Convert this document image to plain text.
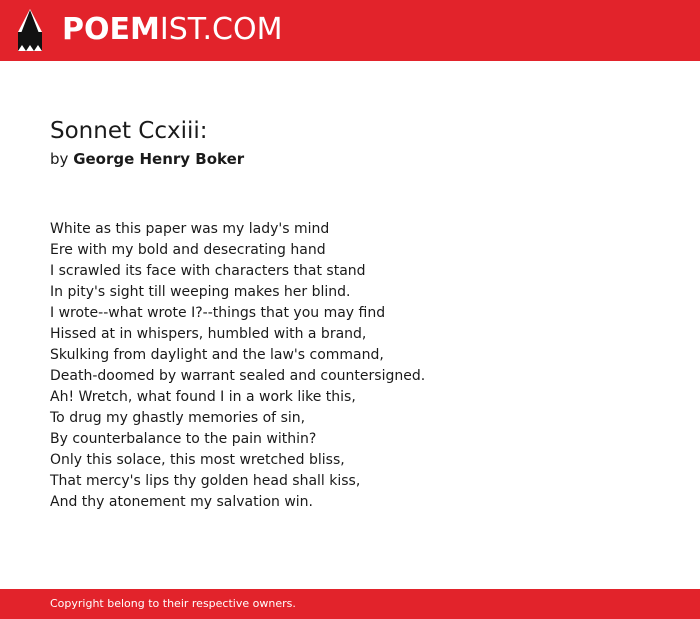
POEMIST.COM
Sonnet Ccxiii:
by George Henry Boker
White as this paper was my lady's mind
Ere with my bold and desecrating hand
I scrawled its face with characters that stand
In pity's sight till weeping makes her blind.
I wrote--what wrote I?--things that you may find
Hissed at in whispers, humbled with a brand,
Skulking from daylight and the law's command,
Death-doomed by warrant sealed and countersigned.
Ah! Wretch, what found I in a work like this,
To drug my ghastly memories of sin,
By counterbalance to the pain within?
Only this solace, this most wretched bliss,
That mercy's lips thy golden head shall kiss,
And thy atonement my salvation win.
Copyright belong to their respective owners.
